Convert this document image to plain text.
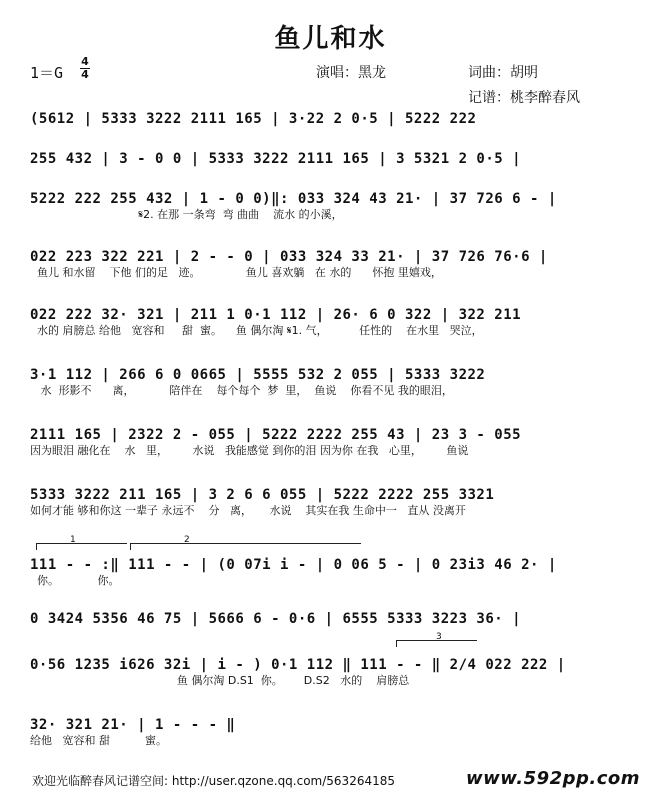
鱼儿和水
1＝G
4
4	演唱：黑龙	词曲：胡明
记谱：桃李醉春风
(5612 | 5333 3222 2111 165 | 3·22 2 0·5 | 5222 222
255 432 | 3 - 0 0 | 5333 3222 2111 165 | 3 5321 2 0·5 |
5222 222 255 432 | 1 - 0 0)‖: 033 324 43 21· | 37 726 6 - |
𝄋2. 在那 一条弯  弯 曲曲    流水 的小溪，
022 223 322 221 | 2 - - 0 | 033 324 33 21· | 37 726 76·6 |
鱼儿 和水留    下他 们的足   迹。             鱼儿 喜欢躺   在 水的      怀抱 里嬉戏，
022 222 32· 321 | 211 1 0·1 112 | 26· 6 0 322 | 322 211
水的 肩膀总 给他   宽容和     甜  蜜。    鱼 偶尔淘 𝄋1. 气，         任性的    在水里   哭泣，
3·1 112 | 266 6 0 0665 | 5555 532 2 055 | 5333 3222
水  形影不      离，          陪伴在    每个每个  梦  里，  鱼说    你看不见 我的眼泪，
2111 165 | 2322 2 - 055 | 5222 2222 255 43 | 23 3 - 055
因为眼泪 融化在    水   里，       水说   我能感觉 到你的泪 因为你 在我   心里，       鱼说
5333 3222 211 165 | 3 2 6 6 055 | 5222 2222 255 3321
如何才能 够和你这 一辈子 永远不    分   离，     水说    其实在我 生命中一   直从 没离开
111 - - :‖ 111 - - | (0 07i i - | 0 06 5 - | 0 23i3 46 2· |
你。           你。
0 3424 5356 46 75 | 5666 6 - 0·6 | 6555 5333 3223 36· |
0·56 1235 i626 32i | i - ) 0·1 112 ‖ 111 - - ‖ 2/4 022 222 |
鱼 偶尔淘 D.S1  你。      D.S2   水的    肩膀总
32· 321 21· | 1 - - - ‖
给他   宽容和 甜          蜜。
1	2
3
欢迎光临醉春风记谱空间: http://user.qzone.qq.com/563264185	www.592pp.com
